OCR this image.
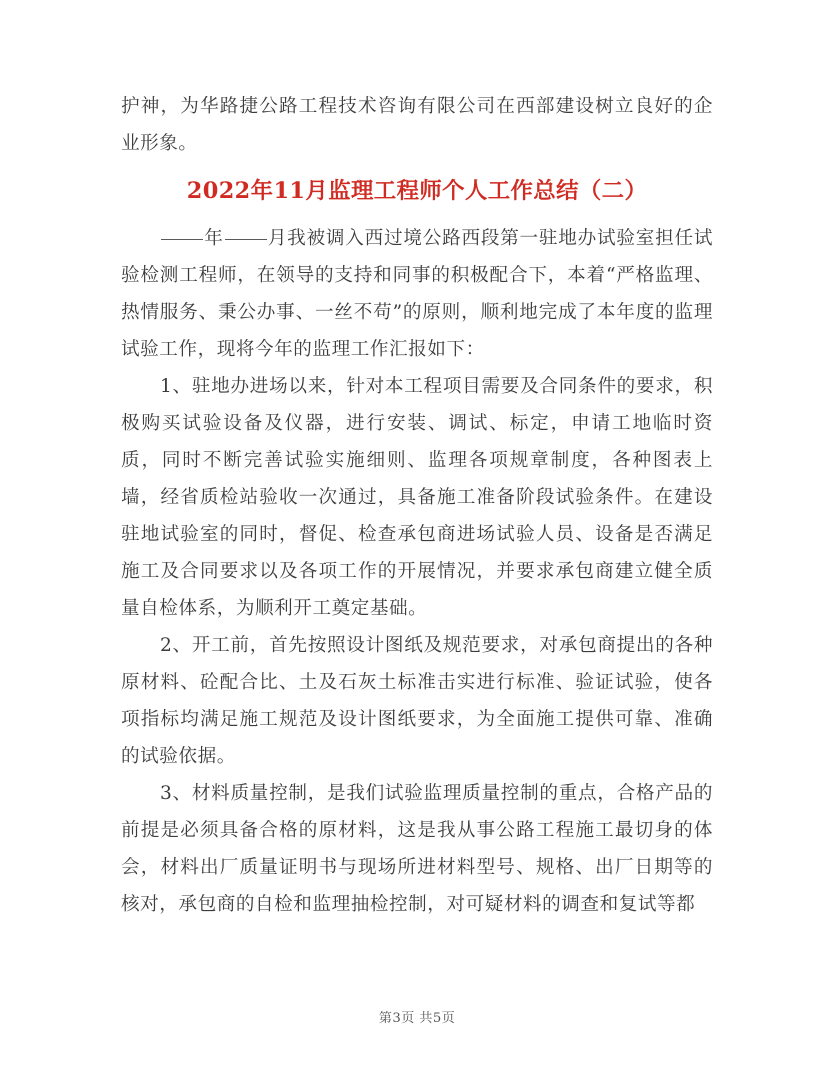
护神，为华路捷公路工程技术咨询有限公司在西部建设树立良好的企业形象。

2022年11月监理工程师个人工作总结（二）

年 月我被调入西过境公路西段第一驻地办试验室担任试验检测工程师，在领导的支持和同事的积极配合下，本着“严格监理、热情服务、秉公办事、一丝不苟”的原则，顺利地完成了本年度的监理试验工作，现将今年的监理工作汇报如下：

1、驻地办进场以来，针对本工程项目需要及合同条件的要求，积极购买试验设备及仪器，进行安装、调试、标定，申请工地临时资质，同时不断完善试验实施细则、监理各项规章制度，各种图表上墙，经省质检站验收一次通过，具备施工准备阶段试验条件。在建设驻地试验室的同时，督促、检查承包商进场试验人员、设备是否满足施工及合同要求以及各项工作的开展情况，并要求承包商建立健全质量自检体系，为顺利开工奠定基础。

2、开工前，首先按照设计图纸及规范要求，对承包商提出的各种原材料、砼配合比、土及石灰土标准击实进行标准、验证试验，使各项指标均满足施工规范及设计图纸要求，为全面施工提供可靠、准确的试验依据。

3、材料质量控制，是我们试验监理质量控制的重点，合格产品的前提是必须具备合格的原材料，这是我从事公路工程施工最切身的体会，材料出厂质量证明书与现场所进材料型号、规格、出厂日期等的核对，承包商的自检和监理抽检控制，对可疑材料的调查和复试等都

第3页 共5页
